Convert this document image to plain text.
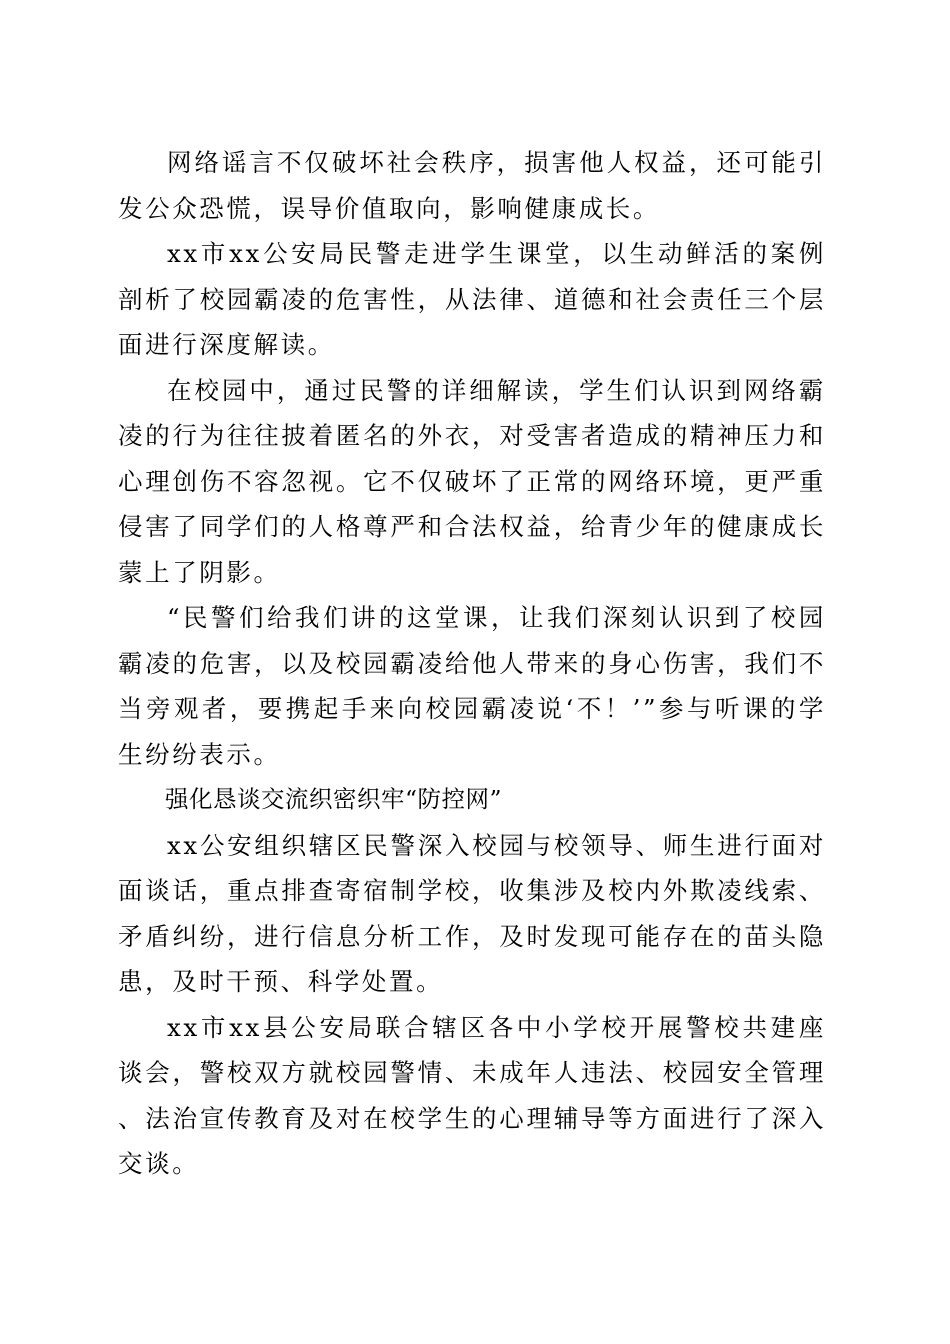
网络谣言不仅破坏社会秩序，损害他人权益，还可能引发公众恐慌，误导价值取向，影响健康成长。

xx市xx公安局民警走进学生课堂，以生动鲜活的案例剖析了校园霸凌的危害性，从法律、道德和社会责任三个层面进行深度解读。

在校园中，通过民警的详细解读，学生们认识到网络霸凌的行为往往披着匿名的外衣，对受害者造成的精神压力和心理创伤不容忽视。它不仅破坏了正常的网络环境，更严重侵害了同学们的人格尊严和合法权益，给青少年的健康成长蒙上了阴影。

“民警们给我们讲的这堂课，让我们深刻认识到了校园霸凌的危害，以及校园霸凌给他人带来的身心伤害，我们不当旁观者，要携起手来向校园霸凌说‘不！’”参与听课的学生纷纷表示。

强化恳谈交流织密织牢“防控网”

xx公安组织辖区民警深入校园与校领导、师生进行面对面谈话，重点排查寄宿制学校，收集涉及校内外欺凌线索、矛盾纠纷，进行信息分析工作，及时发现可能存在的苗头隐患，及时干预、科学处置。

xx市xx县公安局联合辖区各中小学校开展警校共建座谈会，警校双方就校园警情、未成年人违法、校园安全管理、法治宣传教育及对在校学生的心理辅导等方面进行了深入交谈。
